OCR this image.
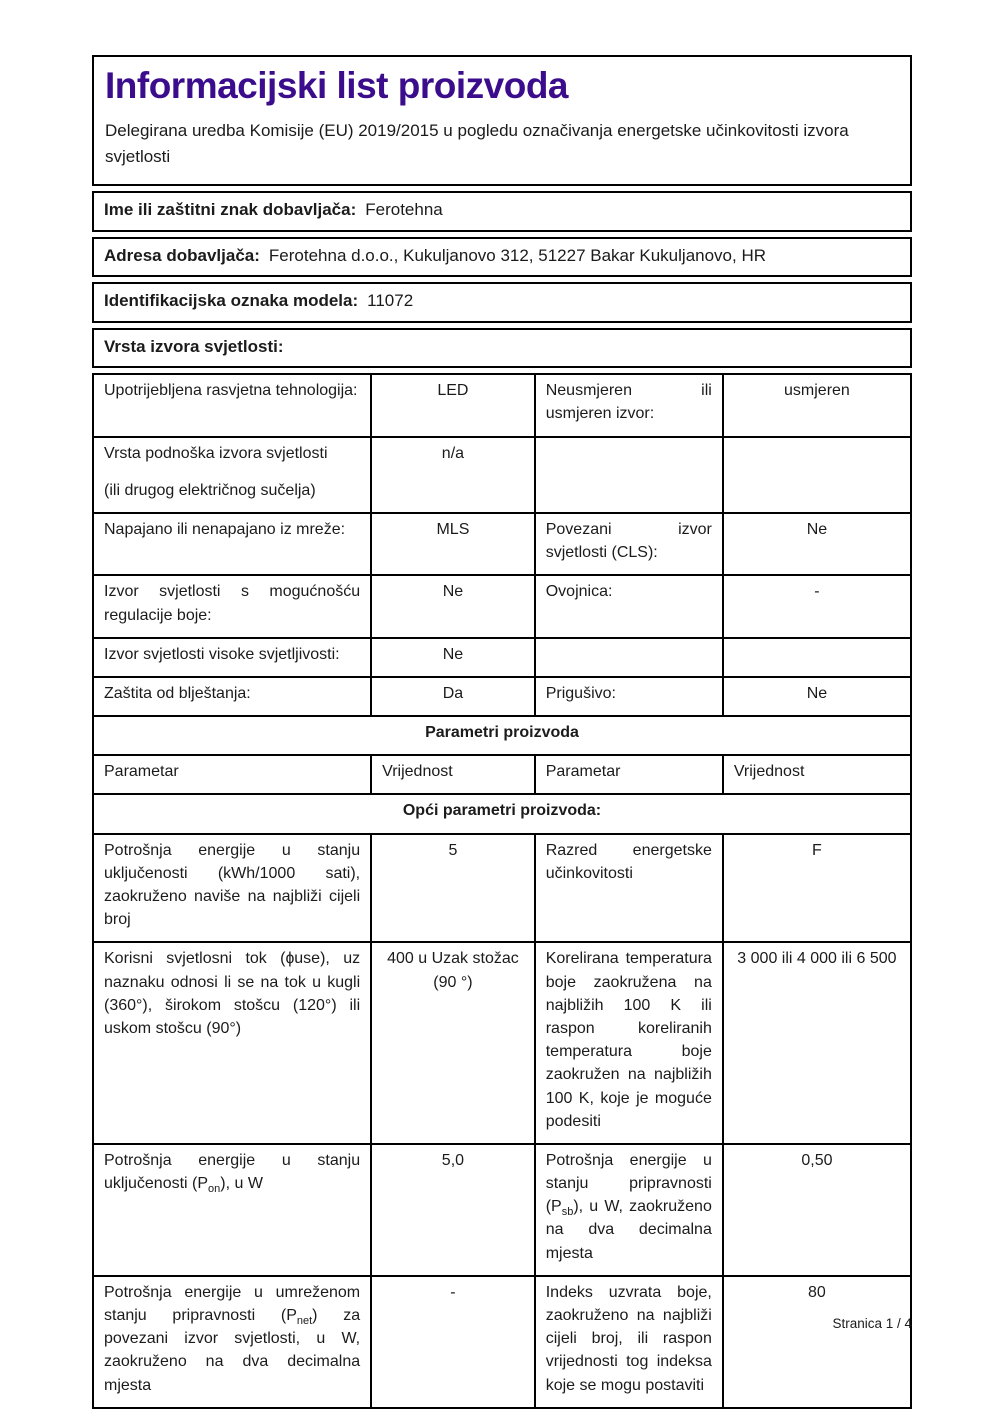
Informacijski list proizvoda

Delegirana uredba Komisije (EU) 2019/2015 u pogledu označivanja energetske učinkovitosti izvora svjetlosti

Ime ili zaštitni znak dobavljača: Ferotehna
Adresa dobavljača: Ferotehna d.o.o., Kukuljanovo 312, 51227 Bakar Kukuljanovo, HR
Identifikacijska oznaka modela: 11072
Vrsta izvora svjetlosti:
Upotrijebljena rasvjetna tehnologija:	LED	Neusmjeren ili usmjeren izvor:	usmjeren

Vrsta podnoška izvora svjetlosti

(ili drugog električnog sučelja)	n/a		
Napajano ili nenapajano iz mreže:	MLS	Povezani izvor svjetlosti (CLS):	Ne
Izvor svjetlosti s mogućnošću regulacije boje:	Ne	Ovojnica:	-
Izvor svjetlosti visoke svjetljivosti:	Ne		
Zaštita od blještanja:	Da	Prigušivo:	Ne
Parametri proizvoda			
Parametar	Vrijednost	Parametar	Vrijednost
Opći parametri proizvoda:			
Potrošnja energije u stanju uključenosti (kWh/1000 sati), zaokruženo naviše na najbliži cijeli broj	5	Razred energetske učinkovitosti	F
Korisni svjetlosni tok (ɸuse), uz naznaku odnosi li se na tok u kugli (360°), širokom stošcu (120°) ili uskom stošcu (90°)	400 u Uzak stožac (90 °)	Korelirana temperatura boje zaokružena na najbližih 100 K ili raspon koreliranih temperatura boje zaokružen na najbližih 100 K, koje je moguće podesiti	3 000 ili 4 000 ili 6 500
Potrošnja energije u stanju uključenosti $(P_{on})$, u W	5,0	Potrošnja energije u stanju pripravnosti $(P_{sb})$, u W, zaokruženo na dva decimalna mjesta	0,50
Potrošnja energije u umreženom stanju pripravnosti $(P_{net})$ za povezani izvor svjetlosti, u W, zaokruženo na dva decimalna mjesta	-	Indeks uzvrata boje, zaokruženo na najbliži cijeli broj, ili raspon vrijednosti tog indeksa koje se mogu postaviti	80
Stranica 1 / 4
